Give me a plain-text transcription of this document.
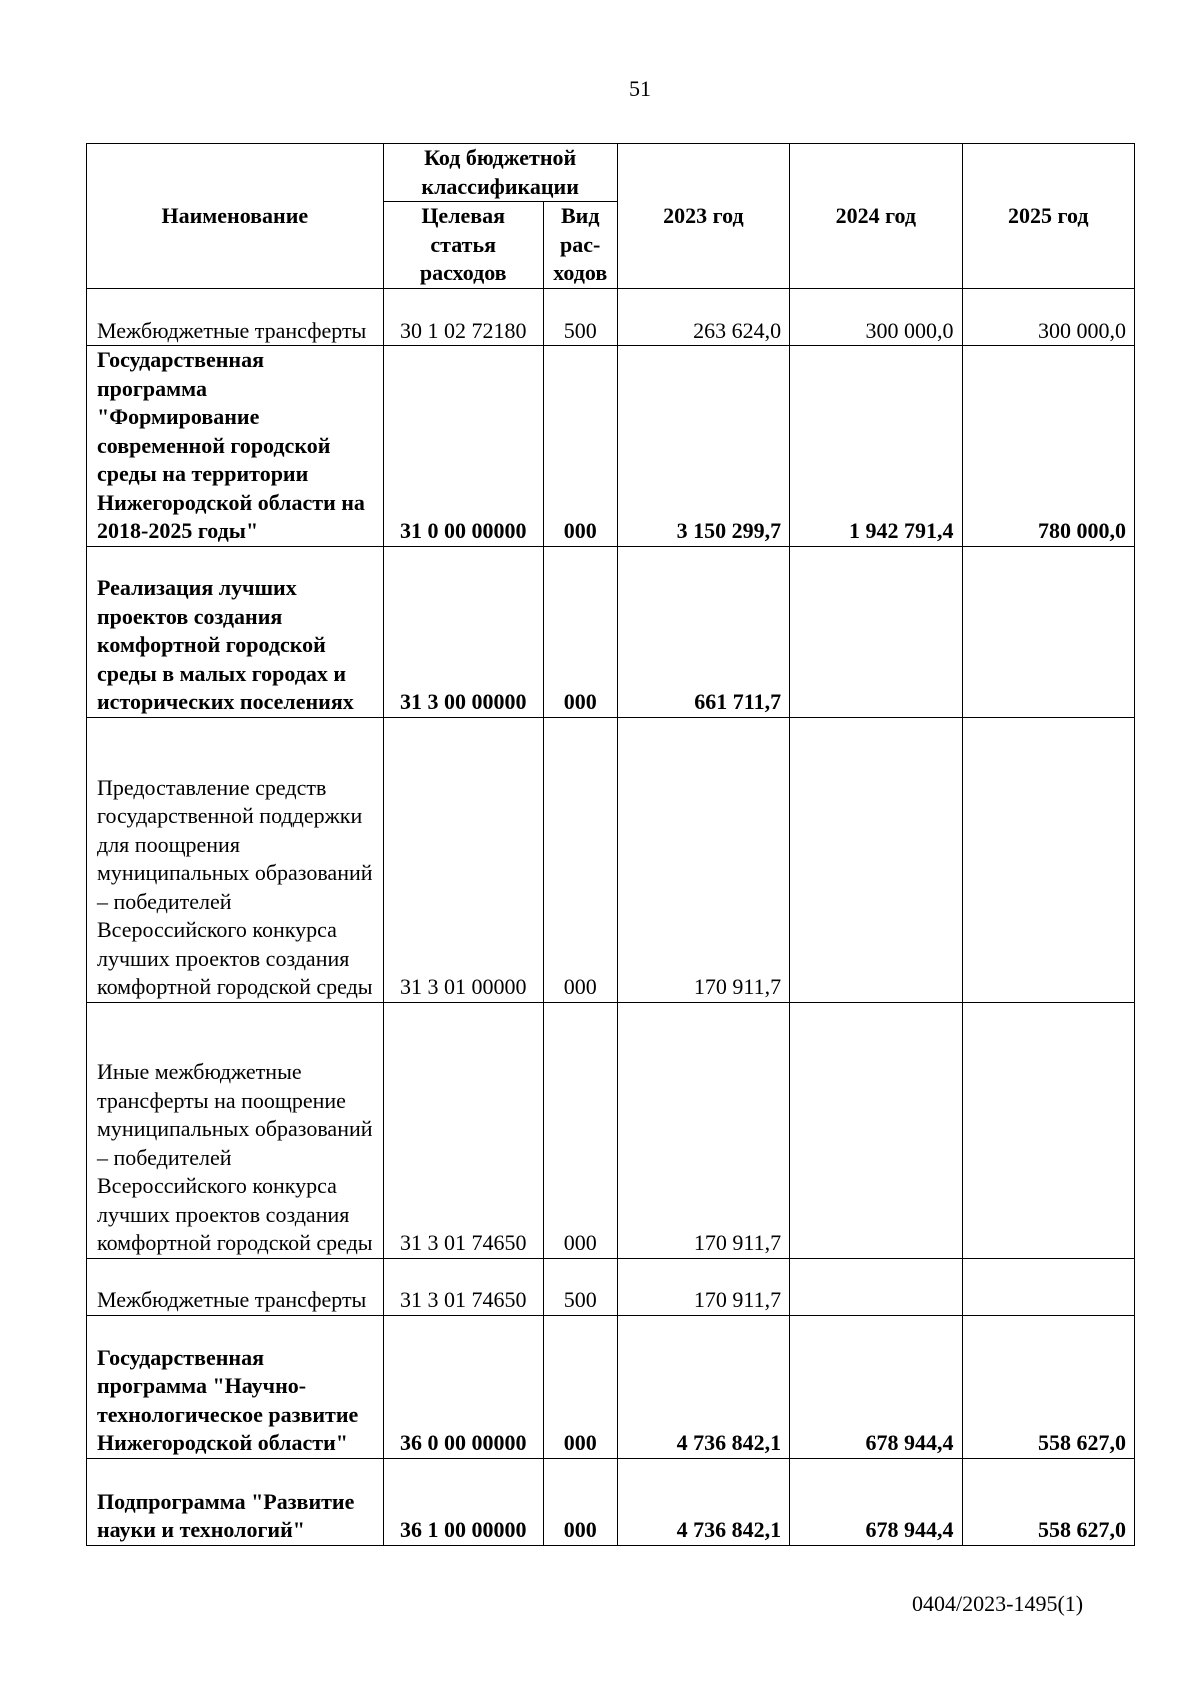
51
Наименование	Код бюджетной классификации		2023 год	2024 год	2025 год
	Целевая статья расходов	Вид рас-ходов			
Межбюджетные трансферты	30 1 02 72180	500	263 624,0	300 000,0	300 000,0
Государственная программа "Формирование современной городской среды на территории Нижегородской области на 2018-2025 годы"	31 0 00 00000	000	3 150 299,7	1 942 791,4	780 000,0
Реализация лучших проектов создания комфортной городской среды в малых городах и исторических поселениях	31 3 00 00000	000	661 711,7		
Предоставление средств государственной поддержки для поощрения муниципальных образований – победителей Всероссийского конкурса лучших проектов создания комфортной городской среды	31 3 01 00000	000	170 911,7		
Иные межбюджетные трансферты на поощрение муниципальных образований – победителей Всероссийского конкурса лучших проектов создания комфортной городской среды	31 3 01 74650	000	170 911,7		
Межбюджетные трансферты	31 3 01 74650	500	170 911,7		
Государственная программа "Научно-технологическое развитие Нижегородской области"	36 0 00 00000	000	4 736 842,1	678 944,4	558 627,0
Подпрограмма "Развитие науки и технологий"	36 1 00 00000	000	4 736 842,1	678 944,4	558 627,0
0404/2023-1495(1)
